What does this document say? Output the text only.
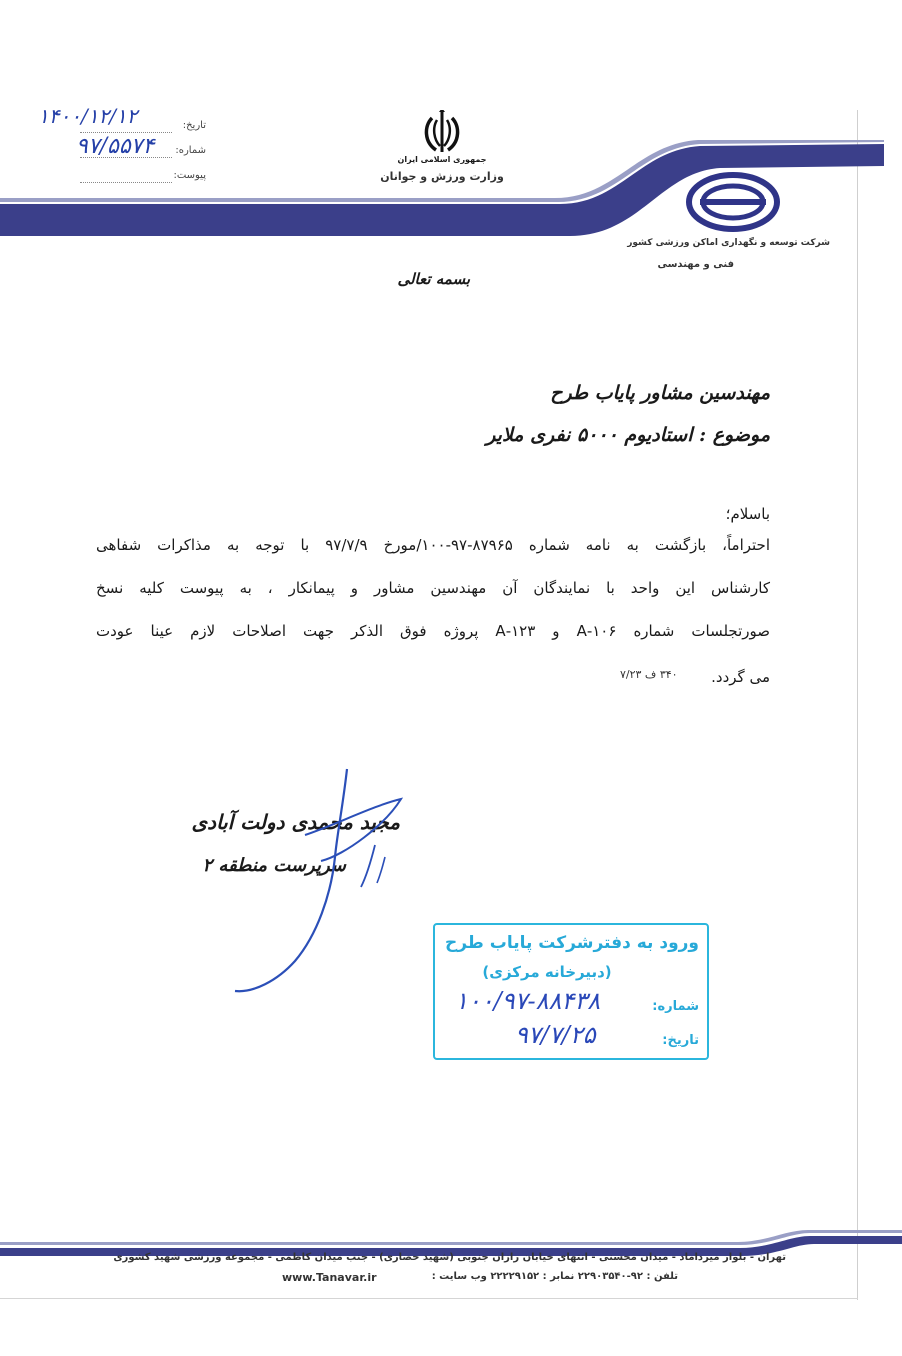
تاریخ:
شماره:
پیوست:
۱۴۰۰/۱۲/۱۲
۹۷/۵۵۷۴
جمهوری اسلامی ایران
وزارت ورزش و جوانان
شرکت توسعه و نگهداری اماکن ورزشی کشور
فنی و مهندسی
بسمه تعالی
مهندسین مشاور پایاب طرح
موضوع : استادیوم ۵۰۰۰ نفری ملایر
باسلام؛
احتراماً، بازگشت به نامه شماره ۸۷۹۶۵-۹۷-۱۰۰/مورخ ۹۷/۷/۹ با توجه به مذاکرات شفاهی
کارشناس این واحد با نمایندگان آن مهندسین مشاور و پیمانکار ، به پیوست کلیه نسخ
صورتجلسات شماره ۱۰۶-A و ۱۲۳-A پروژه فوق الذکر جهت اصلاحات لازم عینا عودت
می گردد.
۳۴۰ ف ۷/۲۳
مجید محمدی دولت آبادی
سرپرست منطقه ۲
ورود به دفترشرکت پایاب طرح
(دبیرخانه مرکزی)
شماره:
تاریخ:
۱۰۰/۹۷-۸۸۴۳۸
۹۷/۷/۲۵
تهران - بلوار میرداماد - میدان محسنی - انتهای خیابان رازان جنوبی (شهید حصاری) - جنب میدان کاظمی - مجموعه ورزشی شهید کشوری
تلفن : ۹۲-۲۲۹۰۳۵۴۰ نمابر : ۲۲۲۲۹۱۵۲ وب سایت :
www.Tanavar.ir
